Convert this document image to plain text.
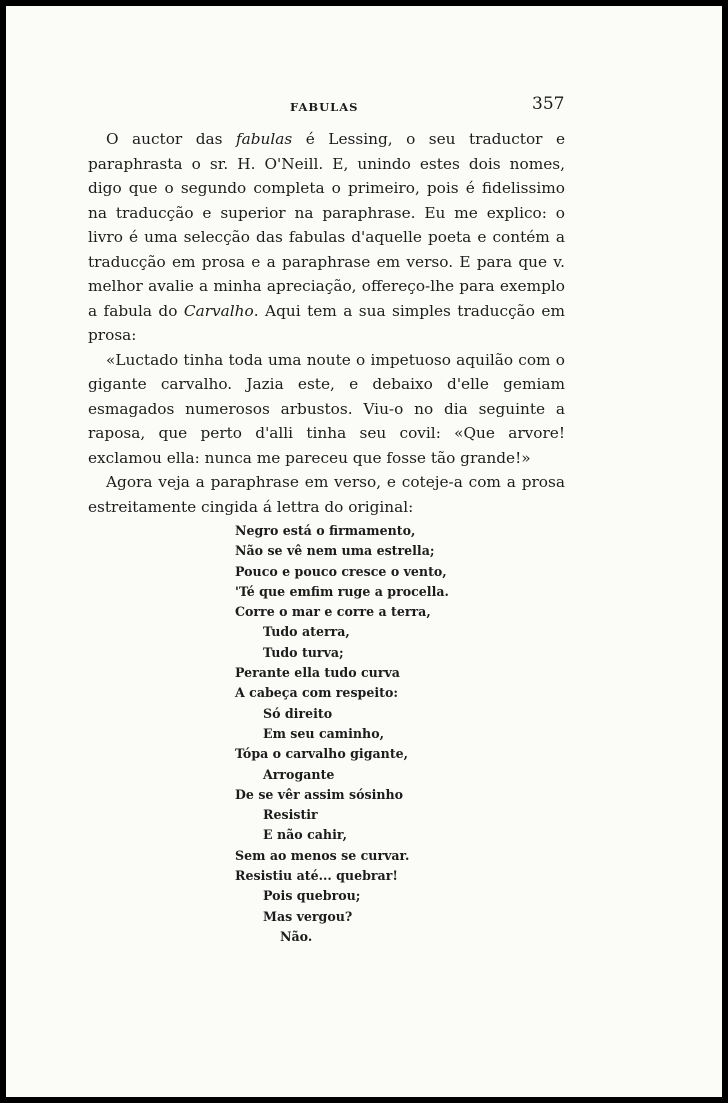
FABULAS	357

O auctor das fabulas é Lessing, o seu traductor e paraphrasta o sr. H. O'Neill. E, unindo estes dois nomes, digo que o segundo completa o primeiro, pois é fidelissimo na traducção e superior na paraphrase. Eu me explico: o livro é uma selecção das fabulas d'aquelle poeta e contém a traducção em prosa e a paraphrase em verso. E para que v. melhor avalie a minha apreciação, offereço-lhe para exemplo a fabula do Carvalho. Aqui tem a sua simples traducção em prosa:

«Luctado tinha toda uma noute o impetuoso aquilão com o gigante carvalho. Jazia este, e debaixo d'elle gemiam esmagados numerosos arbustos. Viu-o no dia seguinte a raposa, que perto d'alli tinha seu covil: «Que arvore! exclamou ella: nunca me pareceu que fosse tão grande!»

Agora veja a paraphrase em verso, e coteje-a com a prosa estreitamente cingida á lettra do original:

Negro está o firmamento,
Não se vê nem uma estrella;
Pouco e pouco cresce o vento,
'Té que emfim ruge a procella.
Corre o mar e corre a terra,
Tudo aterra,
Tudo turva;
Perante ella tudo curva
A cabeça com respeito:
Só direito
Em seu caminho,
Tópa o carvalho gigante,
Arrogante
De se vêr assim sósinho
Resistir
E não cahir,
Sem ao menos se curvar.
Resistiu até... quebrar!
Pois quebrou;
Mas vergou?
Não.
